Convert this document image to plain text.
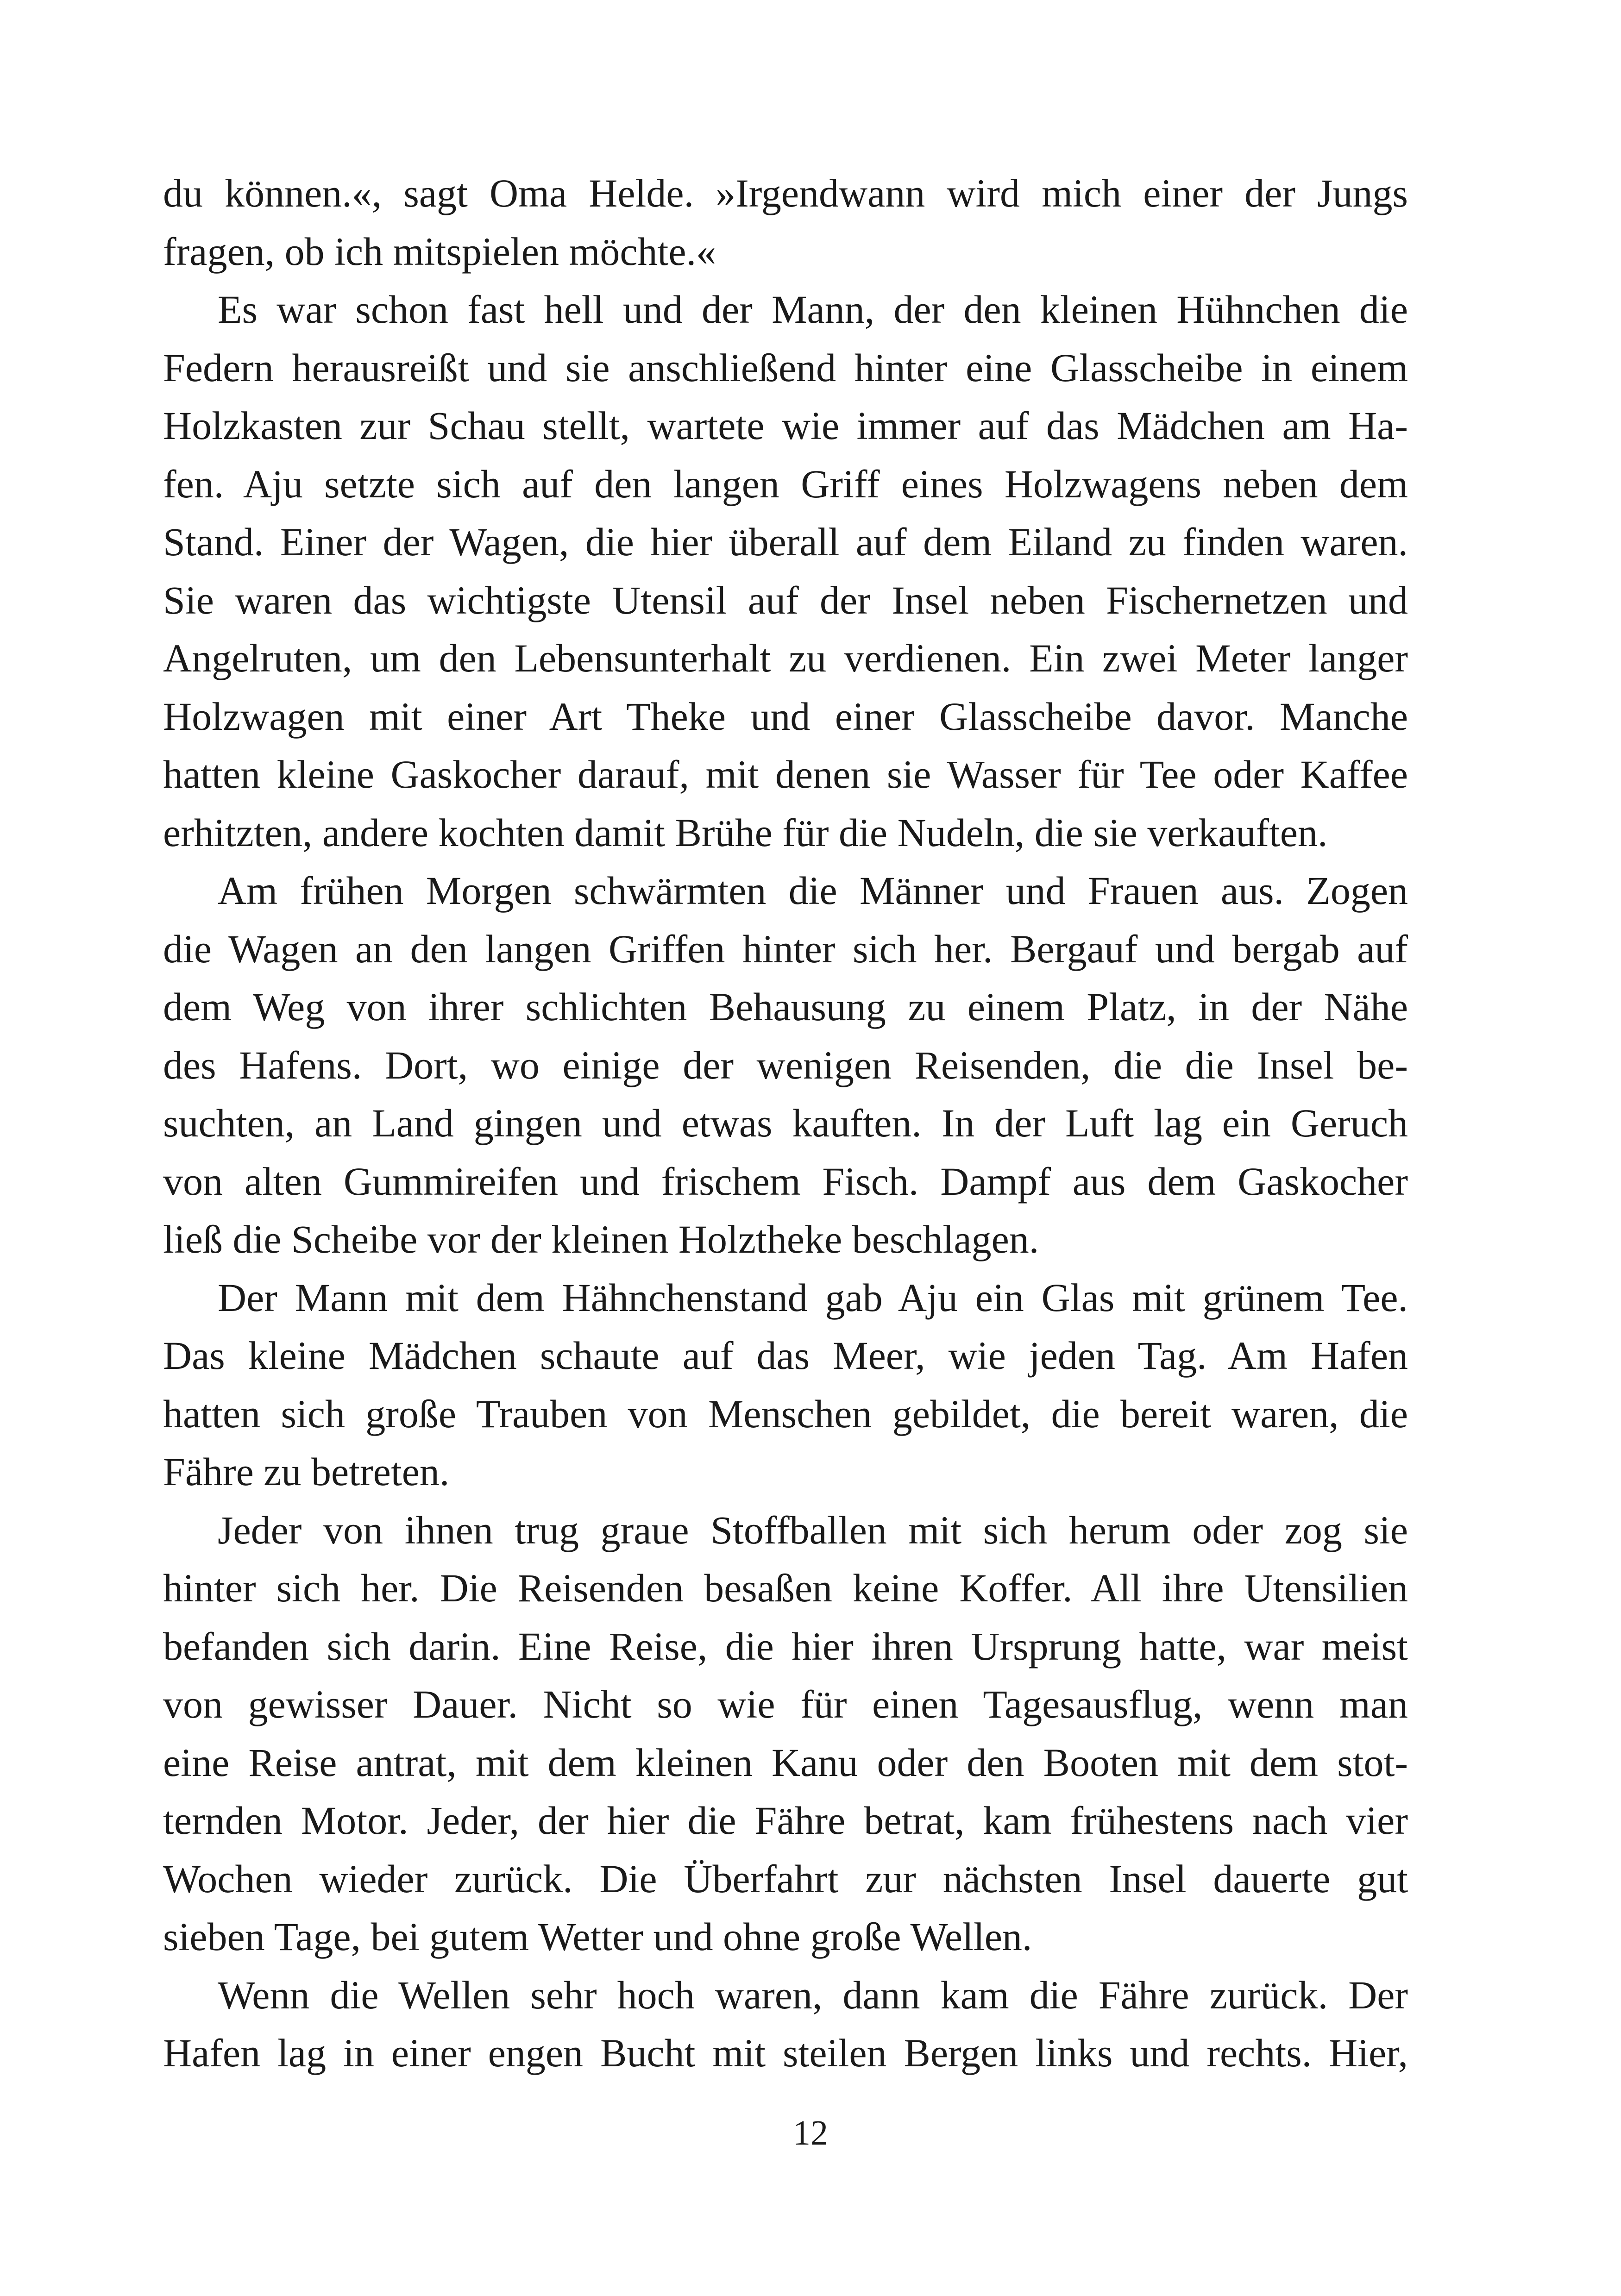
du können.«, sagt Oma Helde. »Irgendwann wird mich einer der Jungs
fragen, ob ich mitspielen möchte.«
Es war schon fast hell und der Mann, der den kleinen Hühnchen die
Federn herausreißt und sie anschließend hinter eine Glasscheibe in einem
Holzkasten zur Schau stellt, wartete wie immer auf das Mädchen am Ha-
fen. Aju setzte sich auf den langen Griff eines Holzwagens neben dem
Stand. Einer der Wagen, die hier überall auf dem Eiland zu finden waren.
Sie waren das wichtigste Utensil auf der Insel neben Fischernetzen und
Angelruten, um den Lebensunterhalt zu verdienen. Ein zwei Meter langer
Holzwagen mit einer Art Theke und einer Glasscheibe davor. Manche
hatten kleine Gaskocher darauf, mit denen sie Wasser für Tee oder Kaffee
erhitzten, andere kochten damit Brühe für die Nudeln, die sie verkauften.
Am frühen Morgen schwärmten die Männer und Frauen aus. Zogen
die Wagen an den langen Griffen hinter sich her. Bergauf und bergab auf
dem Weg von ihrer schlichten Behausung zu einem Platz, in der Nähe
des Hafens. Dort, wo einige der wenigen Reisenden, die die Insel be-
suchten, an Land gingen und etwas kauften. In der Luft lag ein Geruch
von alten Gummireifen und frischem Fisch. Dampf aus dem Gaskocher
ließ die Scheibe vor der kleinen Holztheke beschlagen.
Der Mann mit dem Hähnchenstand gab Aju ein Glas mit grünem Tee.
Das kleine Mädchen schaute auf das Meer, wie jeden Tag. Am Hafen
hatten sich große Trauben von Menschen gebildet, die bereit waren, die
Fähre zu betreten.
Jeder von ihnen trug graue Stoffballen mit sich herum oder zog sie
hinter sich her. Die Reisenden besaßen keine Koffer. All ihre Utensilien
befanden sich darin. Eine Reise, die hier ihren Ursprung hatte, war meist
von gewisser Dauer. Nicht so wie für einen Tagesausflug, wenn man
eine Reise antrat, mit dem kleinen Kanu oder den Booten mit dem stot-
ternden Motor. Jeder, der hier die Fähre betrat, kam frühestens nach vier
Wochen wieder zurück. Die Überfahrt zur nächsten Insel dauerte gut
sieben Tage, bei gutem Wetter und ohne große Wellen.
Wenn die Wellen sehr hoch waren, dann kam die Fähre zurück. Der
Hafen lag in einer engen Bucht mit steilen Bergen links und rechts. Hier,
12
